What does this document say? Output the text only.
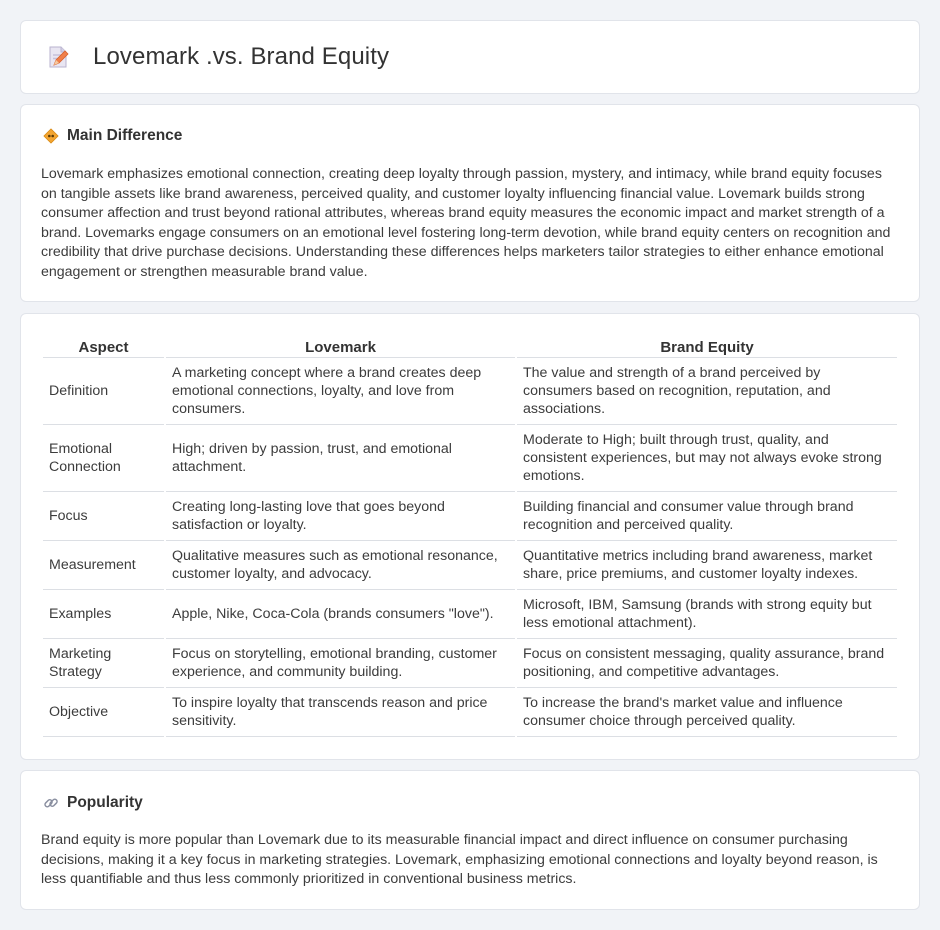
Lovemark .vs. Brand Equity
Main Difference

Lovemark emphasizes emotional connection, creating deep loyalty through passion, mystery, and intimacy, while brand equity focuses on tangible assets like brand awareness, perceived quality, and customer loyalty influencing financial value. Lovemark builds strong consumer affection and trust beyond rational attributes, whereas brand equity measures the economic impact and market strength of a brand. Lovemarks engage consumers on an emotional level fostering long-term devotion, while brand equity centers on recognition and credibility that drive purchase decisions. Understanding these differences helps marketers tailor strategies to either enhance emotional engagement or strengthen measurable brand value.

Aspect	Lovemark	Brand Equity
Definition	A marketing concept where a brand creates deep emotional connections, loyalty, and love from consumers.	The value and strength of a brand perceived by consumers based on recognition, reputation, and associations.
Emotional Connection	High; driven by passion, trust, and emotional attachment.	Moderate to High; built through trust, quality, and consistent experiences, but may not always evoke strong emotions.
Focus	Creating long-lasting love that goes beyond satisfaction or loyalty.	Building financial and consumer value through brand recognition and perceived quality.
Measurement	Qualitative measures such as emotional resonance, customer loyalty, and advocacy.	Quantitative metrics including brand awareness, market share, price premiums, and customer loyalty indexes.
Examples	Apple, Nike, Coca-Cola (brands consumers "love").	Microsoft, IBM, Samsung (brands with strong equity but less emotional attachment).
Marketing Strategy	Focus on storytelling, emotional branding, customer experience, and community building.	Focus on consistent messaging, quality assurance, brand positioning, and competitive advantages.
Objective	To inspire loyalty that transcends reason and price sensitivity.	To increase the brand's market value and influence consumer choice through perceived quality.
Popularity

Brand equity is more popular than Lovemark due to its measurable financial impact and direct influence on consumer purchasing decisions, making it a key focus in marketing strategies. Lovemark, emphasizing emotional connections and loyalty beyond reason, is less quantifiable and thus less commonly prioritized in conventional business metrics.
